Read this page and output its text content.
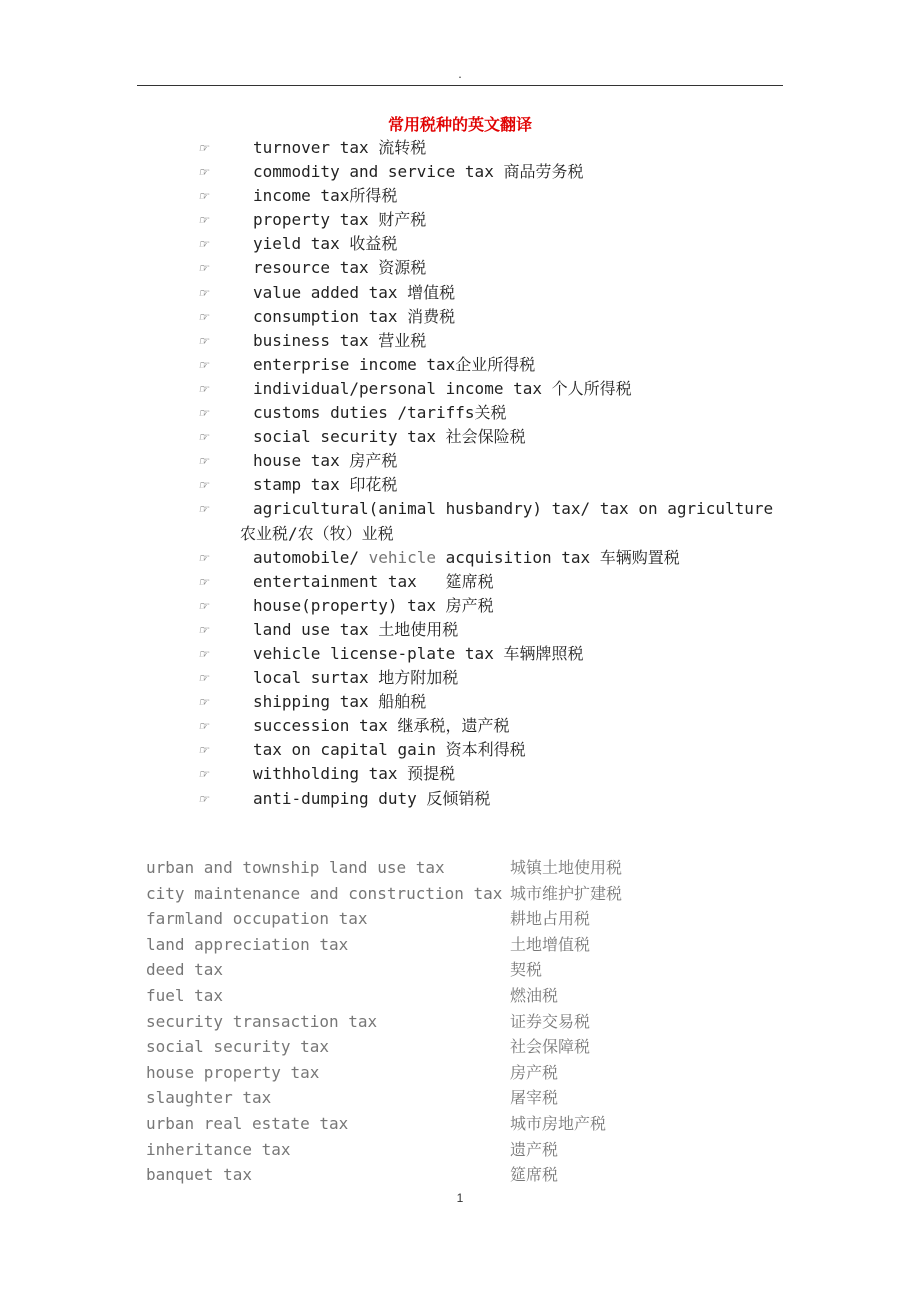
.
常用税种的英文翻译
☞	turnover tax 流转税
☞	commodity and service tax 商品劳务税
☞	income tax所得税
☞	property tax 财产税
☞	yield tax 收益税
☞	resource tax 资源税
☞	value added tax 增值税
☞	consumption tax 消费税
☞	business tax 营业税
☞	enterprise income tax企业所得税
☞	individual/personal income tax 个人所得税
☞	customs duties /tariffs关税
☞	social security tax 社会保险税
☞	house tax 房产税
☞	stamp tax 印花税
☞	agricultural(animal husbandry) tax/ tax on agriculture 农业税/农（牧）业税
☞	automobile/ vehicle acquisition tax 车辆购置税
☞	entertainment tax   筵席税
☞	house(property) tax 房产税
☞	land use tax 土地使用税
☞	vehicle license-plate tax 车辆牌照税
☞	local surtax 地方附加税
☞	shipping tax 船舶税
☞	succession tax 继承税，遗产税
☞	tax on capital gain 资本利得税
☞	withholding tax 预提税
☞	anti-dumping duty 反倾销税
urban and township land use tax	城镇土地使用税
city maintenance and construction tax 城市维护扩建税
farmland occupation tax	耕地占用税
land appreciation tax	土地增值税
deed tax	契税
fuel tax	燃油税
security transaction tax	证券交易税
social security tax	社会保障税
house property tax	房产税
slaughter tax	屠宰税
urban real estate tax	城市房地产税
inheritance tax	遗产税
banquet tax	筵席税
1
